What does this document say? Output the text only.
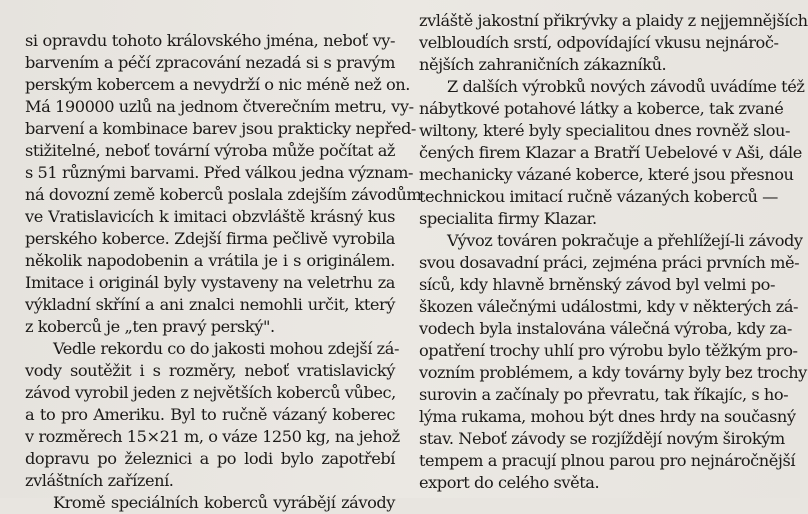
si opravdu tohoto královského jména, neboť vy-
barvením a péčí zpracování nezadá si s pravým
perským kobercem a nevydrží o nic méně než on.
Má 190000 uzlů na jednom čtverečním metru, vy-
barvení a kombinace barev jsou prakticky nepřed-
stižitelné, neboť tovární výroba může počítat až
s 51 různými barvami. Před válkou jedna význam-
ná dovozní země koberců poslala zdejším závodům
ve Vratislavicích k imitaci obzvláště krásný kus
perského koberce. Zdejší firma pečlivě vyrobila
několik napodobenin a vrátila je i s originálem.
Imitace i originál byly vystaveny na veletrhu za
výkladní skříní a ani znalci nemohli určit, který
z koberců je „ten pravý perský".

Vedle rekordu co do jakosti mohou zdejší zá-
vody soutěžit i s rozměry, neboť vratislavický
závod vyrobil jeden z největších koberců vůbec,
a to pro Ameriku. Byl to ručně vázaný koberec
v rozměrech 15×21 m, o váze 1250 kg, na jehož
dopravu po železnici a po lodi bylo zapotřebí
zvláštních zařízení.

Kromě speciálních koberců vyrábějí závody

zvláště jakostní přikrývky a plaidy z nejjemnějších
velbloudích srstí, odpovídající vkusu nejnároč-
nějších zahraničních zákazníků.

Z dalších výrobků nových závodů uvádíme též
nábytkové potahové látky a koberce, tak zvané
wiltony, které byly specialitou dnes rovněž slou-
čených firem Klazar a Bratří Uebelové v Aši, dále
mechanicky vázané koberce, které jsou přesnou
technickou imitací ručně vázaných koberců —
specialita firmy Klazar.

Vývoz továren pokračuje a přehlížejí-li závody
svou dosavadní práci, zejména práci prvních mě-
síců, kdy hlavně brněnský závod byl velmi po-
škozen válečnými událostmi, kdy v některých zá-
vodech byla instalována válečná výroba, kdy za-
opatření trochy uhlí pro výrobu bylo těžkým pro-
vozním problémem, a kdy továrny byly bez trochy
surovin a začínaly po převratu, tak říkajíc, s ho-
lýma rukama, mohou být dnes hrdy na současný
stav. Neboť závody se rozjíždějí novým širokým
tempem a pracují plnou parou pro nejnáročnější
export do celého světa.
